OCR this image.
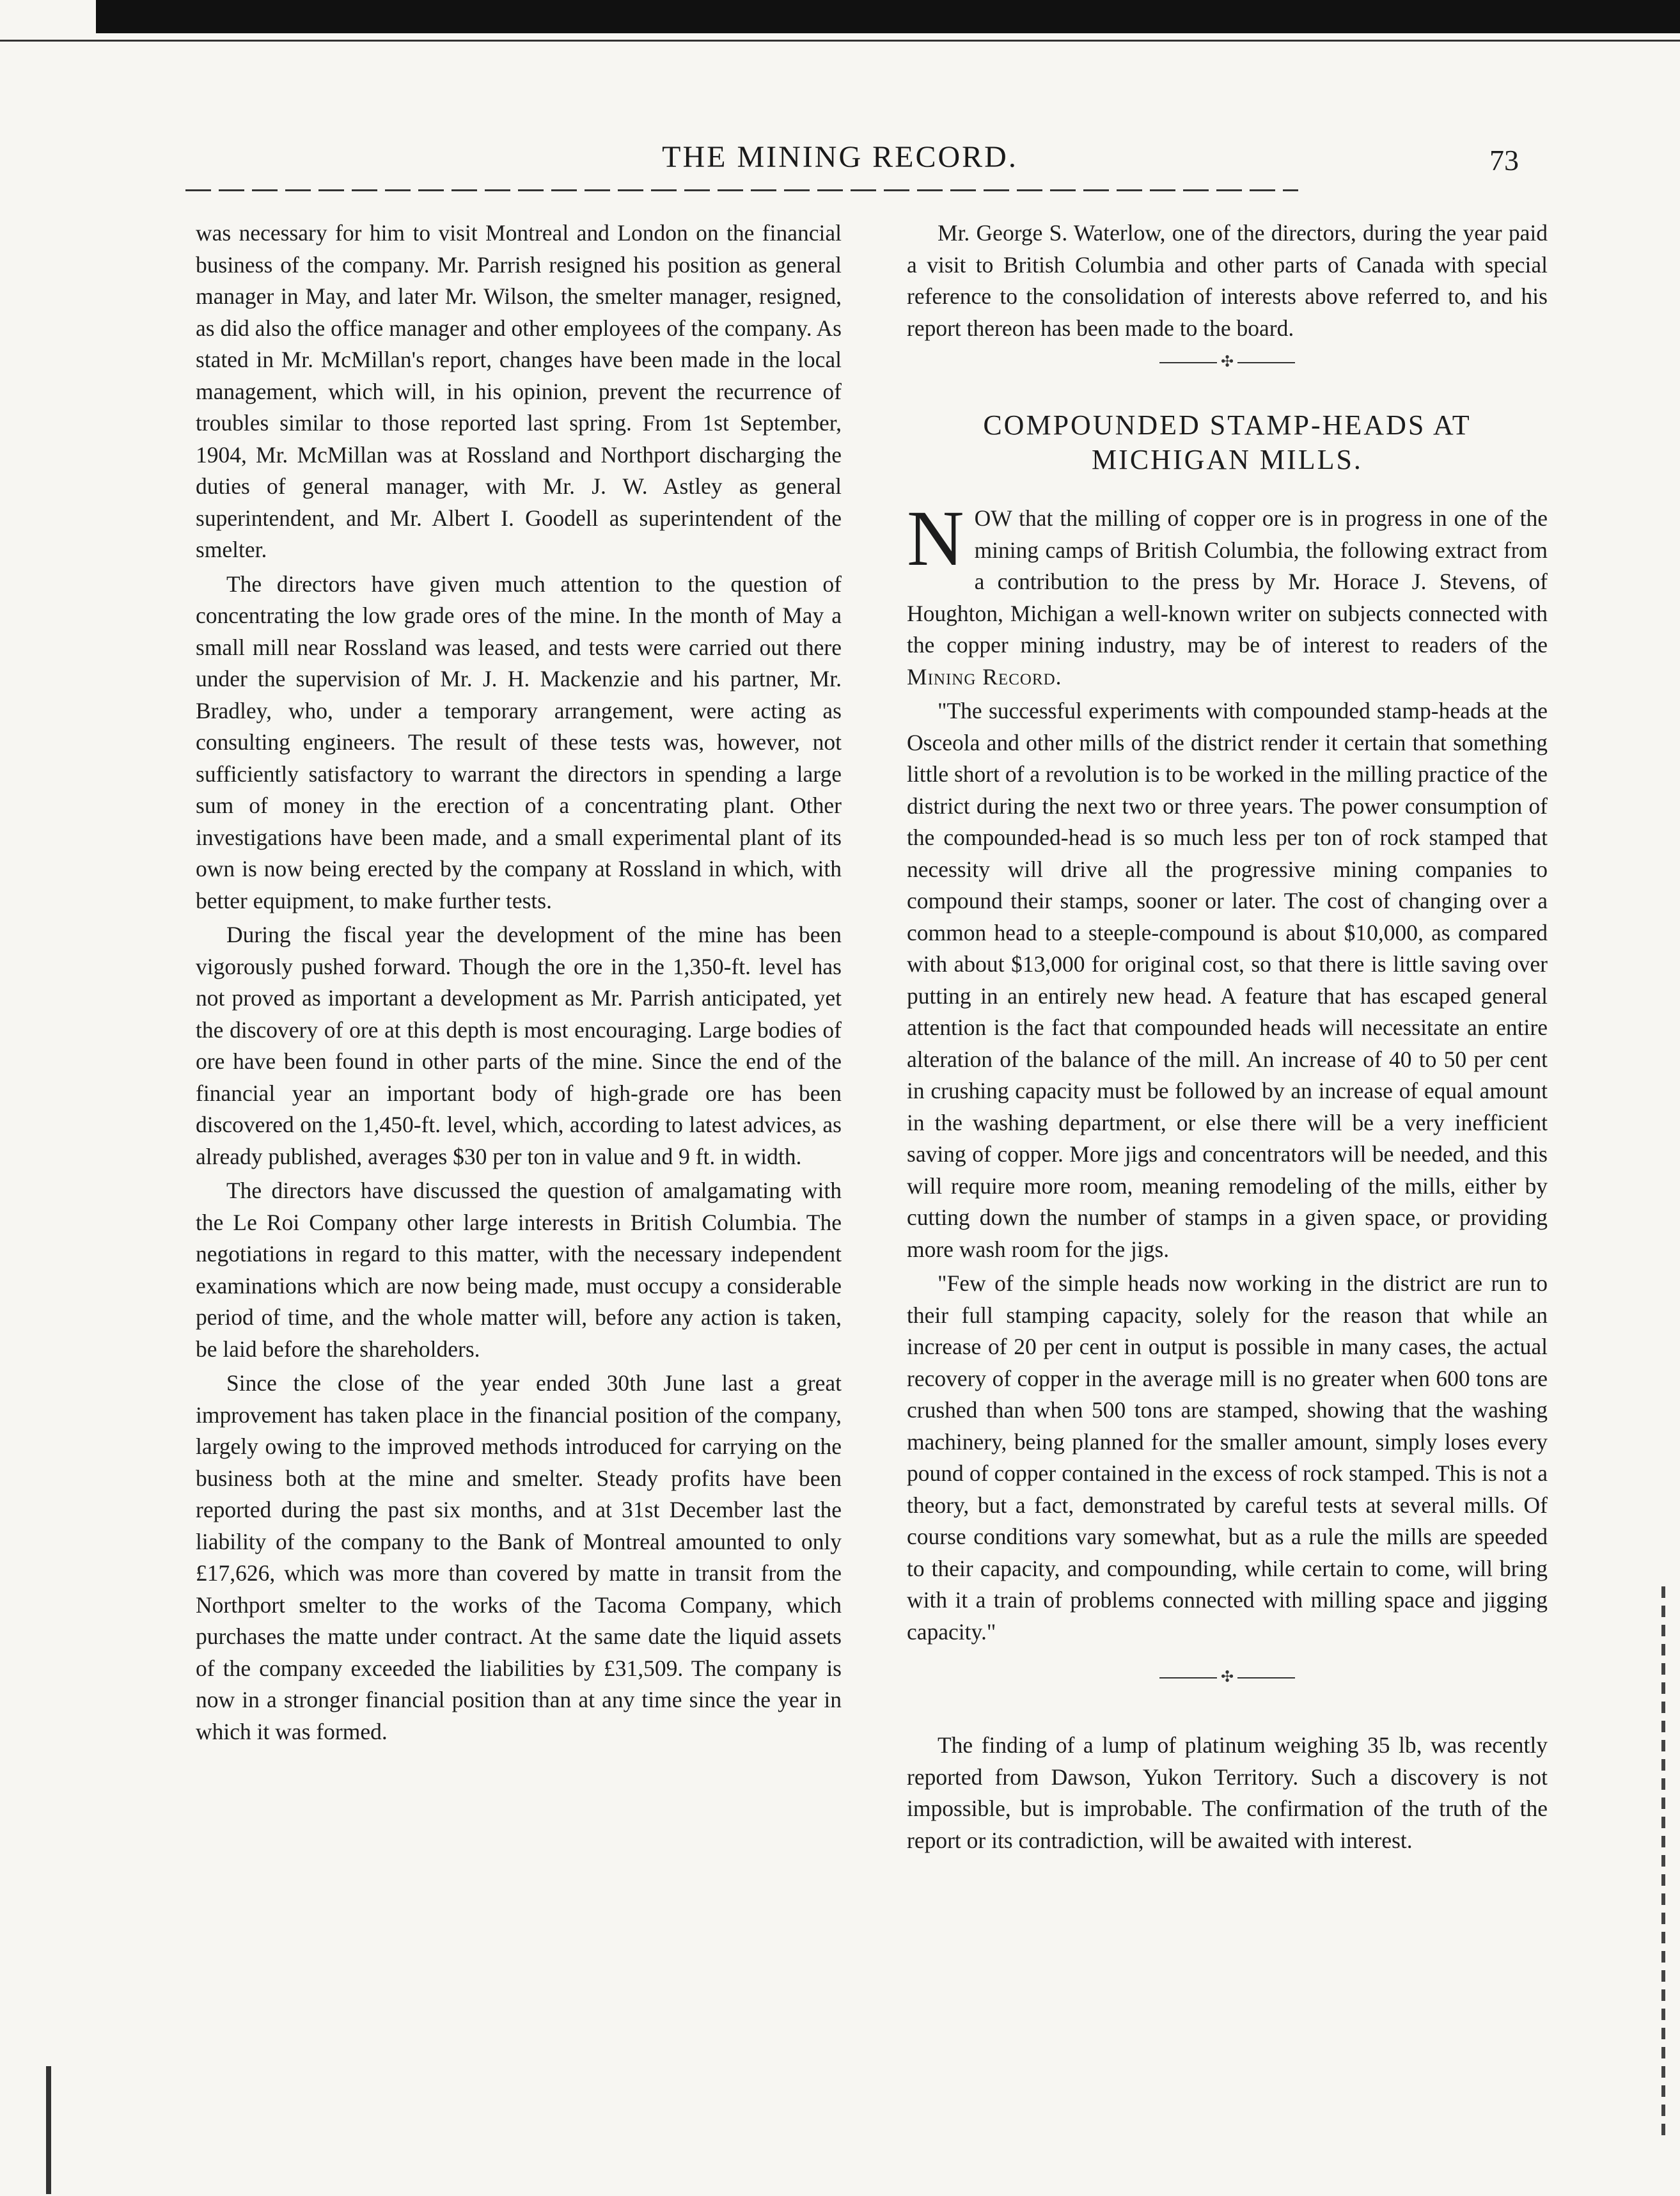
THE MINING RECORD.	73

was necessary for him to visit Montreal and London on the financial business of the company. Mr. Parrish resigned his position as general manager in May, and later Mr. Wilson, the smelter manager, resigned, as did also the office manager and other employees of the company. As stated in Mr. McMillan's report, changes have been made in the local management, which will, in his opinion, prevent the recurrence of troubles similar to those reported last spring. From 1st September, 1904, Mr. McMillan was at Rossland and Northport discharging the duties of general manager, with Mr. J. W. Astley as general superintendent, and Mr. Albert I. Goodell as superintendent of the smelter.

The directors have given much attention to the question of concentrating the low grade ores of the mine. In the month of May a small mill near Rossland was leased, and tests were carried out there under the supervision of Mr. J. H. Mackenzie and his partner, Mr. Bradley, who, under a temporary arrangement, were acting as consulting engineers. The result of these tests was, however, not sufficiently satisfactory to warrant the directors in spending a large sum of money in the erection of a concentrating plant. Other investigations have been made, and a small experimental plant of its own is now being erected by the company at Rossland in which, with better equipment, to make further tests.

During the fiscal year the development of the mine has been vigorously pushed forward. Though the ore in the 1,350-ft. level has not proved as important a development as Mr. Parrish anticipated, yet the discovery of ore at this depth is most encouraging. Large bodies of ore have been found in other parts of the mine. Since the end of the financial year an important body of high-grade ore has been discovered on the 1,450-ft. level, which, according to latest advices, as already published, averages $30 per ton in value and 9 ft. in width.

The directors have discussed the question of amalgamating with the Le Roi Company other large interests in British Columbia. The negotiations in regard to this matter, with the necessary independent examinations which are now being made, must occupy a considerable period of time, and the whole matter will, before any action is taken, be laid before the shareholders.

Since the close of the year ended 30th June last a great improvement has taken place in the financial position of the company, largely owing to the improved methods introduced for carrying on the business both at the mine and smelter. Steady profits have been reported during the past six months, and at 31st December last the liability of the company to the Bank of Montreal amounted to only £17,626, which was more than covered by matte in transit from the Northport smelter to the works of the Tacoma Company, which purchases the matte under contract. At the same date the liquid assets of the company exceeded the liabilities by £31,509. The company is now in a stronger financial position than at any time since the year in which it was formed.

Mr. George S. Waterlow, one of the directors, during the year paid a visit to British Columbia and other parts of Canada with special reference to the consolidation of interests above referred to, and his report thereon has been made to the board.

✣
COMPOUNDED STAMP-HEADS AT MICHIGAN MILLS.

NOW that the milling of copper ore is in progress in one of the mining camps of British Columbia, the following extract from a contribution to the press by Mr. Horace J. Stevens, of Houghton, Michigan a well-known writer on subjects connected with the copper mining industry, may be of interest to readers of the Mining Record.

"The successful experiments with compounded stamp-heads at the Osceola and other mills of the district render it certain that something little short of a revolution is to be worked in the milling practice of the district during the next two or three years. The power consumption of the compounded-head is so much less per ton of rock stamped that necessity will drive all the progressive mining companies to compound their stamps, sooner or later. The cost of changing over a common head to a steeple-compound is about $10,000, as compared with about $13,000 for original cost, so that there is little saving over putting in an entirely new head. A feature that has escaped general attention is the fact that compounded heads will necessitate an entire alteration of the balance of the mill. An increase of 40 to 50 per cent in crushing capacity must be followed by an increase of equal amount in the washing department, or else there will be a very inefficient saving of copper. More jigs and concentrators will be needed, and this will require more room, meaning remodeling of the mills, either by cutting down the number of stamps in a given space, or providing more wash room for the jigs.

"Few of the simple heads now working in the district are run to their full stamping capacity, solely for the reason that while an increase of 20 per cent in output is possible in many cases, the actual recovery of copper in the average mill is no greater when 600 tons are crushed than when 500 tons are stamped, showing that the washing machinery, being planned for the smaller amount, simply loses every pound of copper contained in the excess of rock stamped. This is not a theory, but a fact, demonstrated by careful tests at several mills. Of course conditions vary somewhat, but as a rule the mills are speeded to their capacity, and compounding, while certain to come, will bring with it a train of problems connected with milling space and jigging capacity."

✣

The finding of a lump of platinum weighing 35 lb, was recently reported from Dawson, Yukon Territory. Such a discovery is not impossible, but is improbable. The confirmation of the truth of the report or its contradiction, will be awaited with interest.
